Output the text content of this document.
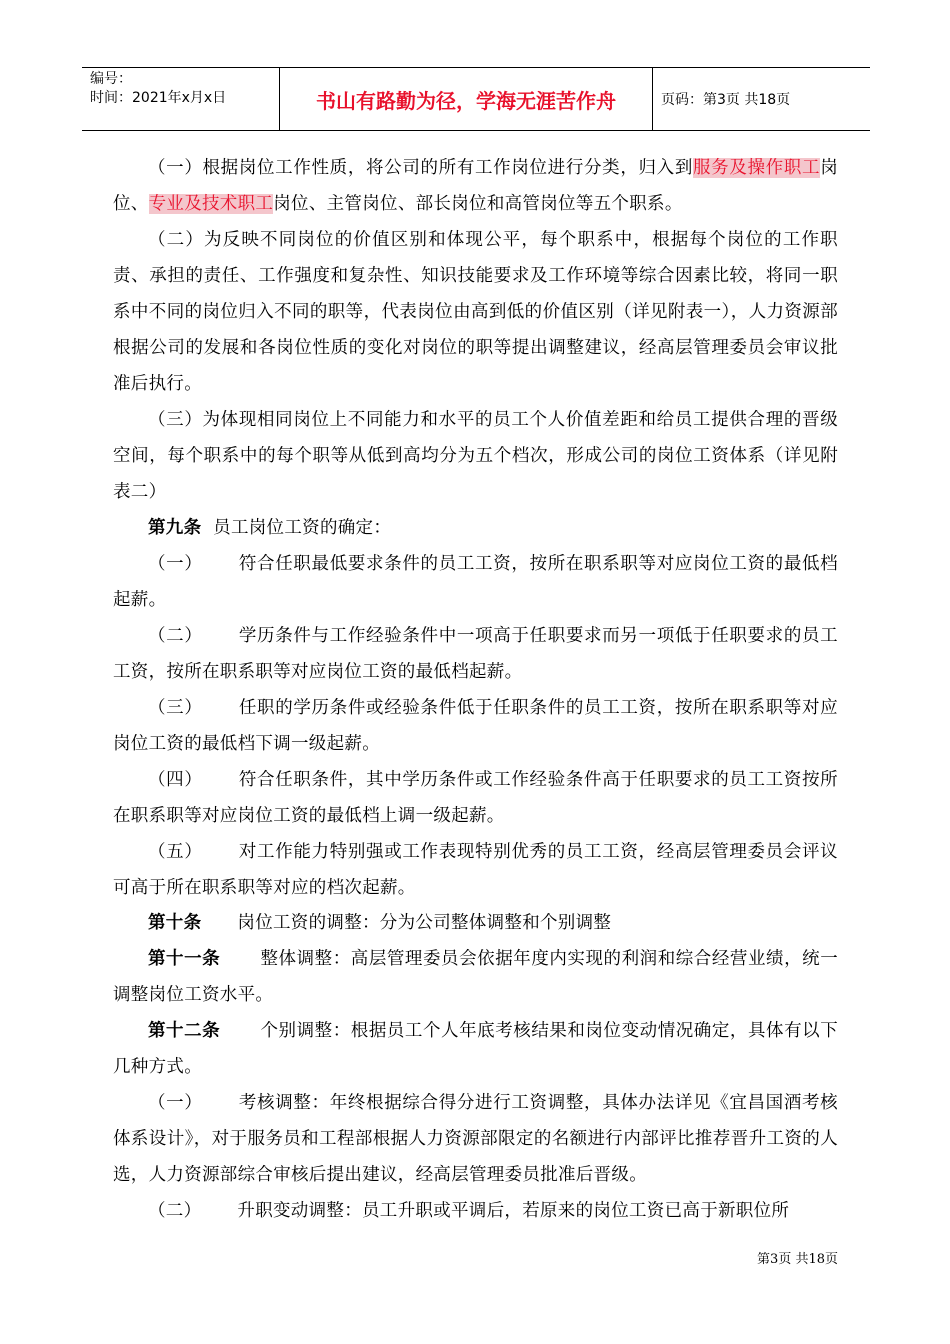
编号：
时间：2021年x月x日	书山有路勤为径，学海无涯苦作舟	页码：第3页 共18页

（一）根据岗位工作性质，将公司的所有工作岗位进行分类，归入到服务及操作职工岗位、专业及技术职工岗位、主管岗位、部长岗位和高管岗位等五个职系。

（二）为反映不同岗位的价值区别和体现公平，每个职系中，根据每个岗位的工作职责、承担的责任、工作强度和复杂性、知识技能要求及工作环境等综合因素比较，将同一职系中不同的岗位归入不同的职等，代表岗位由高到低的价值区别（详见附表一），人力资源部根据公司的发展和各岗位性质的变化对岗位的职等提出调整建议，经高层管理委员会审议批准后执行。

（三）为体现相同岗位上不同能力和水平的员工个人价值差距和给员工提供合理的晋级空间，每个职系中的每个职等从低到高均分为五个档次，形成公司的岗位工资体系（详见附表二）

第九条 员工岗位工资的确定：

（一） 符合任职最低要求条件的员工工资，按所在职系职等对应岗位工资的最低档起薪。

（二） 学历条件与工作经验条件中一项高于任职要求而另一项低于任职要求的员工工资，按所在职系职等对应岗位工资的最低档起薪。

（三） 任职的学历条件或经验条件低于任职条件的员工工资，按所在职系职等对应岗位工资的最低档下调一级起薪。

（四） 符合任职条件，其中学历条件或工作经验条件高于任职要求的员工工资按所在职系职等对应岗位工资的最低档上调一级起薪。

（五） 对工作能力特别强或工作表现特别优秀的员工工资，经高层管理委员会评议可高于所在职系职等对应的档次起薪。

第十条 岗位工资的调整：分为公司整体调整和个别调整

第十一条 整体调整：高层管理委员会依据年度内实现的利润和综合经营业绩，统一调整岗位工资水平。

第十二条 个别调整：根据员工个人年底考核结果和岗位变动情况确定，具体有以下几种方式。

（一） 考核调整：年终根据综合得分进行工资调整，具体办法详见《宜昌国酒考核体系设计》，对于服务员和工程部根据人力资源部限定的名额进行内部评比推荐晋升工资的人选，人力资源部综合审核后提出建议，经高层管理委员批准后晋级。

（二） 升职变动调整：员工升职或平调后，若原来的岗位工资已高于新职位所

第3页 共18页
